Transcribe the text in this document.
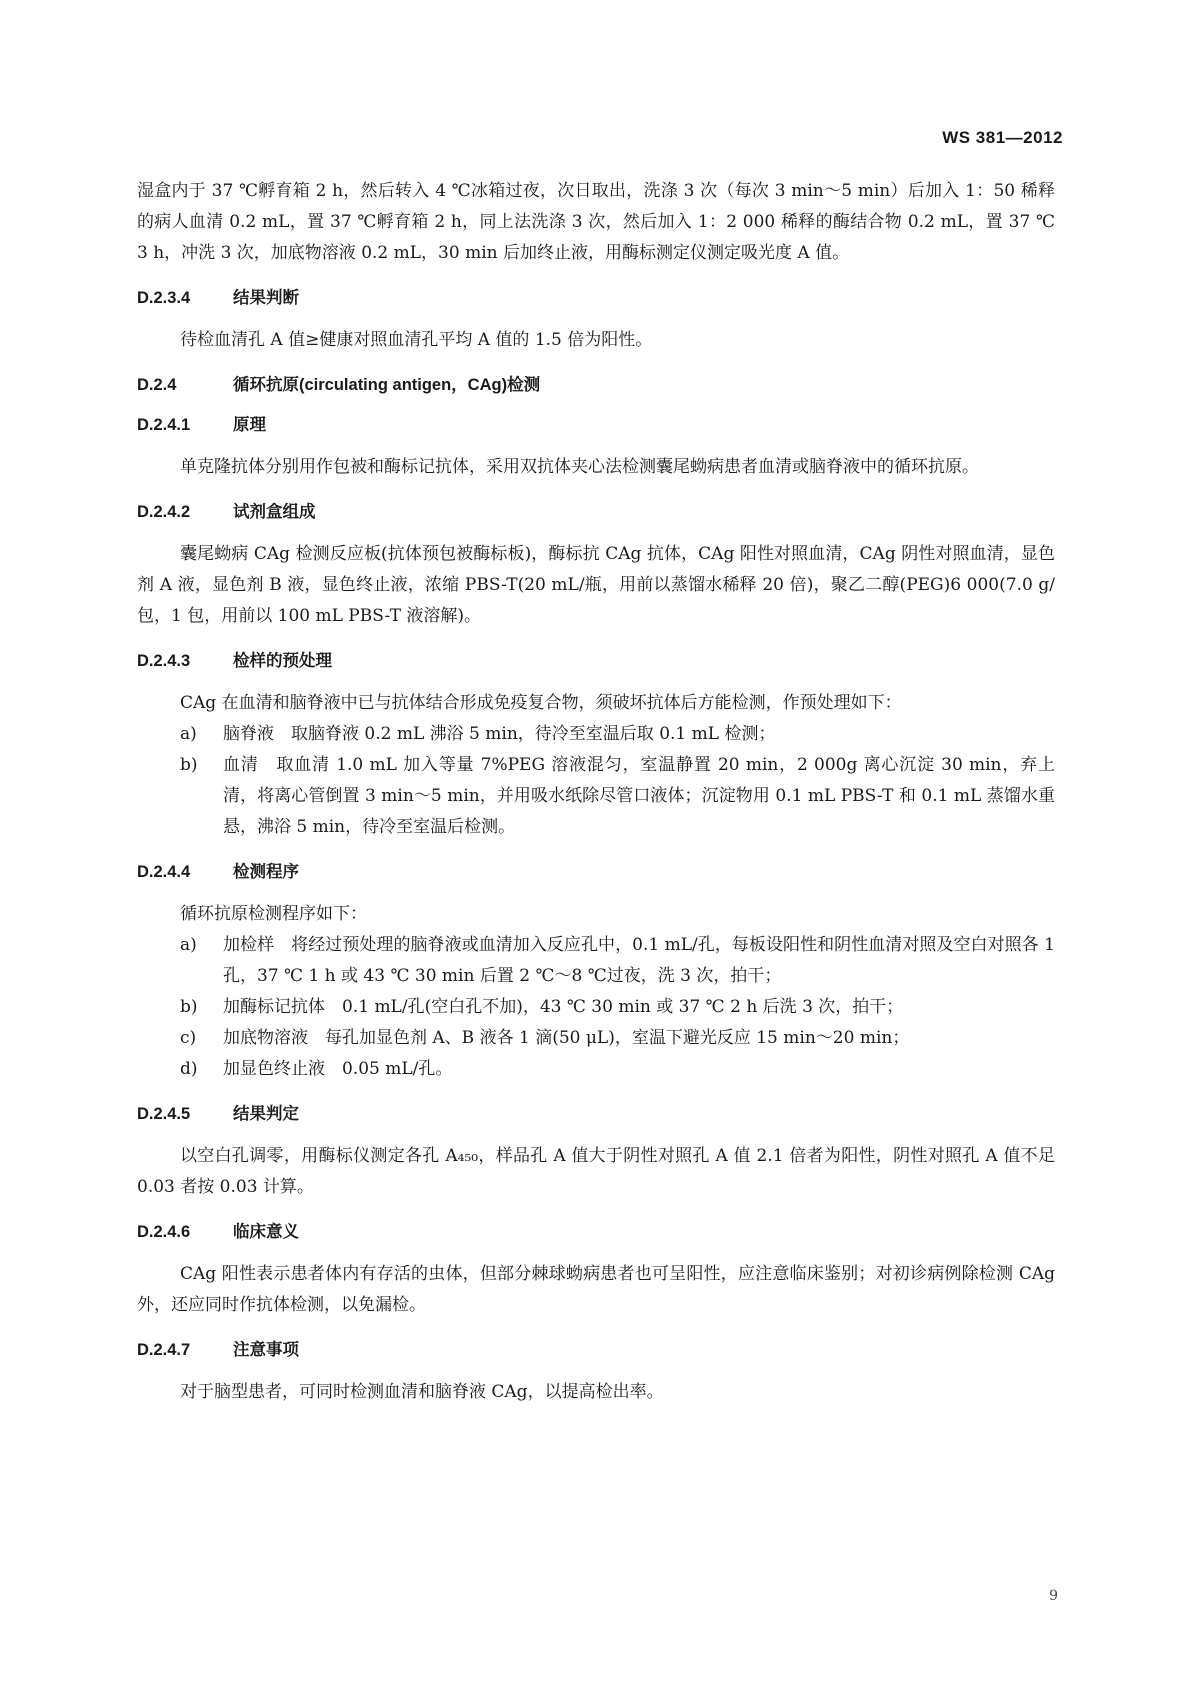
WS 381—2012

湿盒内于 37 ℃孵育箱 2 h，然后转入 4 ℃冰箱过夜，次日取出，洗涤 3 次（每次 3 min～5 min）后加入 1：50 稀释的病人血清 0.2 mL，置 37 ℃孵育箱 2 h，同上法洗涤 3 次，然后加入 1：2 000 稀释的酶结合物 0.2 mL，置 37 ℃ 3 h，冲洗 3 次，加底物溶液 0.2 mL，30 min 后加终止液，用酶标测定仪测定吸光度 A 值。

D.2.3.4	结果判断

待检血清孔 A 值≥健康对照血清孔平均 A 值的 1.5 倍为阳性。

D.2.4	循环抗原(circulating antigen，CAg)检测
D.2.4.1	原理

单克隆抗体分别用作包被和酶标记抗体，采用双抗体夹心法检测囊尾蚴病患者血清或脑脊液中的循环抗原。

D.2.4.2	试剂盒组成

囊尾蚴病 CAg 检测反应板(抗体预包被酶标板)，酶标抗 CAg 抗体，CAg 阳性对照血清，CAg 阴性对照血清，显色剂 A 液，显色剂 B 液，显色终止液，浓缩 PBS-T(20 mL/瓶，用前以蒸馏水稀释 20 倍)，聚乙二醇(PEG)6 000(7.0 g/包，1 包，用前以 100 mL PBS-T 液溶解)。

D.2.4.3	检样的预处理

CAg 在血清和脑脊液中已与抗体结合形成免疫复合物，须破坏抗体后方能检测，作预处理如下：

a)	脑脊液　取脑脊液 0.2 mL 沸浴 5 min，待冷至室温后取 0.1 mL 检测；
b)	血清　取血清 1.0 mL 加入等量 7%PEG 溶液混匀，室温静置 20 min，2 000g 离心沉淀 30 min，弃上清，将离心管倒置 3 min～5 min，并用吸水纸除尽管口液体；沉淀物用 0.1 mL PBS-T 和 0.1 mL 蒸馏水重悬，沸浴 5 min，待冷至室温后检测。
D.2.4.4	检测程序

循环抗原检测程序如下：

a)	加检样　将经过预处理的脑脊液或血清加入反应孔中，0.1 mL/孔，每板设阳性和阴性血清对照及空白对照各 1 孔，37 ℃ 1 h 或 43 ℃ 30 min 后置 2 ℃～8 ℃过夜，洗 3 次，拍干；
b)	加酶标记抗体　0.1 mL/孔(空白孔不加)，43 ℃ 30 min 或 37 ℃ 2 h 后洗 3 次，拍干；
c)	加底物溶液　每孔加显色剂 A、B 液各 1 滴(50 μL)，室温下避光反应 15 min～20 min；
d)	加显色终止液　0.05 mL/孔。
D.2.4.5	结果判定

以空白孔调零，用酶标仪测定各孔 A₄₅₀，样品孔 A 值大于阴性对照孔 A 值 2.1 倍者为阳性，阴性对照孔 A 值不足 0.03 者按 0.03 计算。

D.2.4.6	临床意义

CAg 阳性表示患者体内有存活的虫体，但部分棘球蚴病患者也可呈阳性，应注意临床鉴别；对初诊病例除检测 CAg 外，还应同时作抗体检测，以免漏检。

D.2.4.7	注意事项

对于脑型患者，可同时检测血清和脑脊液 CAg，以提高检出率。

9
